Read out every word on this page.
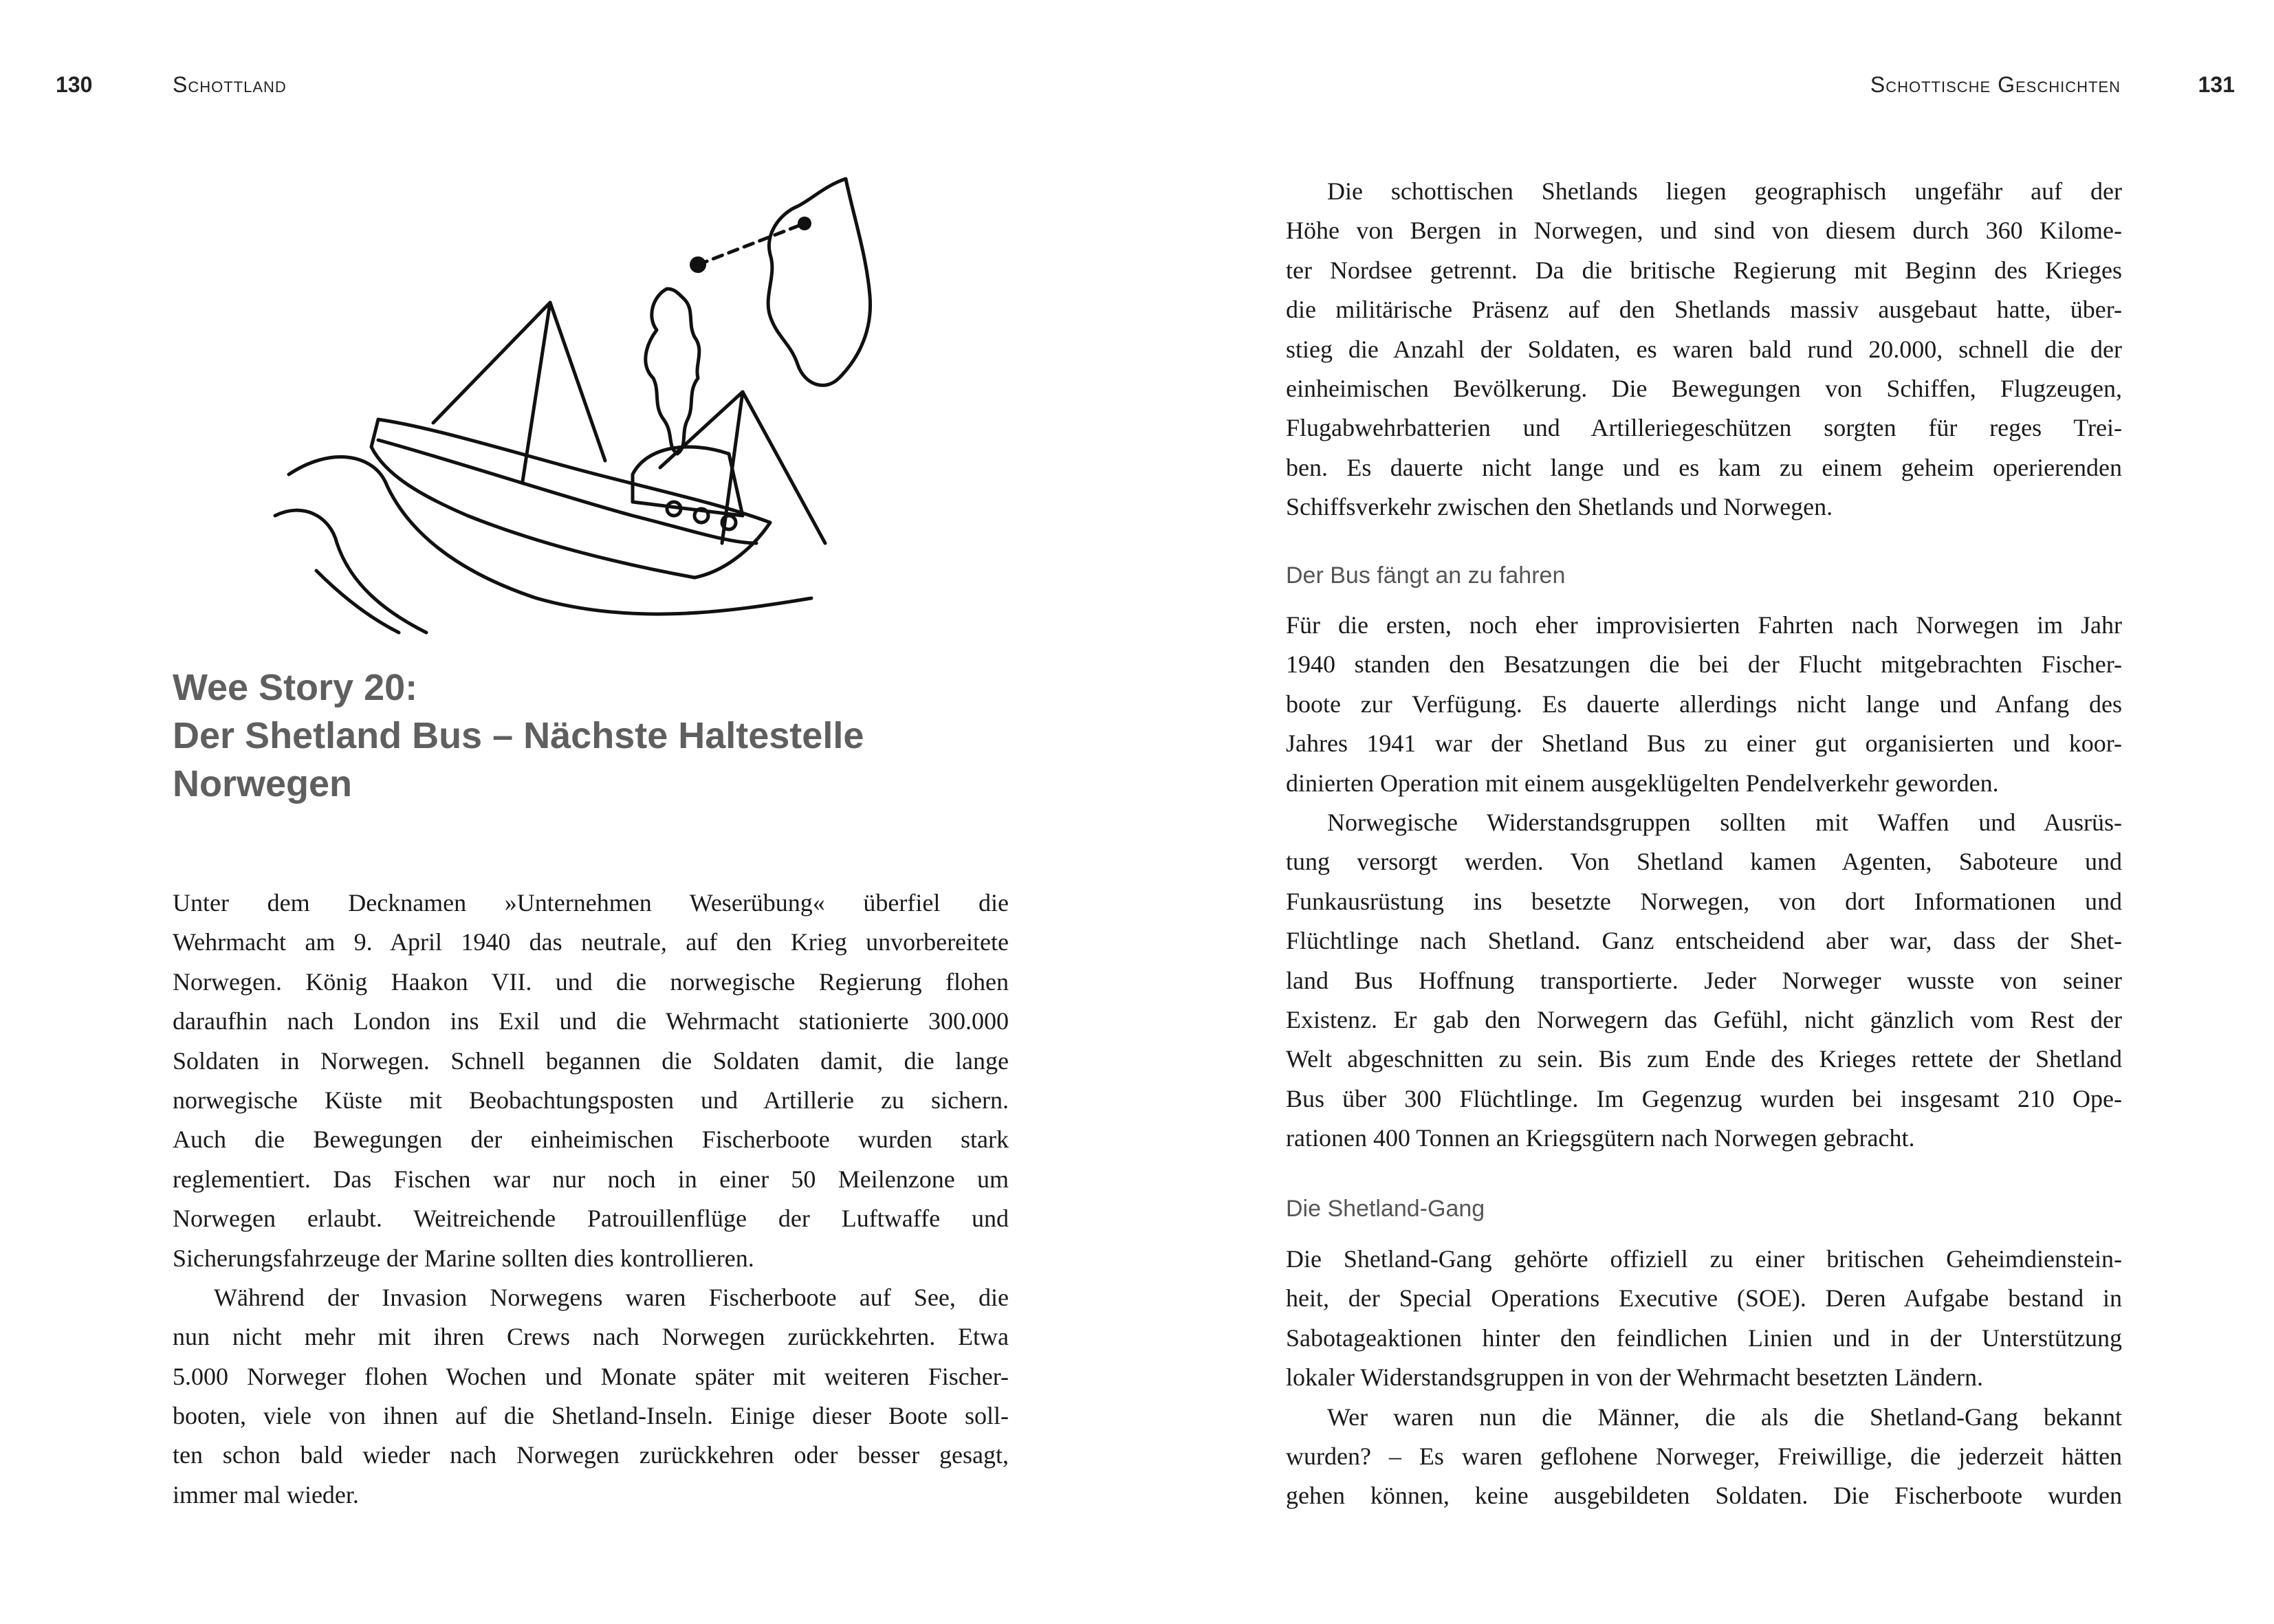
130	Schottland	Schottische Geschichten	131
Wee Story 20:
Der Shetland Bus – Nächste Haltestelle
Norwegen
Unter dem Decknamen »Unternehmen Weserübung« überfiel die
Wehrmacht am 9. April 1940 das neutrale, auf den Krieg unvorbereitete
Norwegen. König Haakon VII. und die norwegische Regierung flohen
daraufhin nach London ins Exil und die Wehrmacht stationierte 300.000
Soldaten in Norwegen. Schnell begannen die Soldaten damit, die lange
norwegische Küste mit Beobachtungsposten und Artillerie zu sichern.
Auch die Bewegungen der einheimischen Fischerboote wurden stark
reglementiert. Das Fischen war nur noch in einer 50 Meilenzone um
Norwegen erlaubt. Weitreichende Patrouillenflüge der Luftwaffe und
Sicherungsfahrzeuge der Marine sollten dies kontrollieren.
Während der Invasion Norwegens waren Fischerboote auf See, die
nun nicht mehr mit ihren Crews nach Norwegen zurückkehrten. Etwa
5.000 Norweger flohen Wochen und Monate später mit weiteren Fischer-
booten, viele von ihnen auf die Shetland-Inseln. Einige dieser Boote soll-
ten schon bald wieder nach Norwegen zurückkehren oder besser gesagt,
immer mal wieder.
Die schottischen Shetlands liegen geographisch ungefähr auf der
Höhe von Bergen in Norwegen, und sind von diesem durch 360 Kilome-
ter Nordsee getrennt. Da die britische Regierung mit Beginn des Krieges
die militärische Präsenz auf den Shetlands massiv ausgebaut hatte, über-
stieg die Anzahl der Soldaten, es waren bald rund 20.000, schnell die der
einheimischen Bevölkerung. Die Bewegungen von Schiffen, Flugzeugen,
Flugabwehrbatterien und Artilleriegeschützen sorgten für reges Trei-
ben. Es dauerte nicht lange und es kam zu einem geheim operierenden
Schiffsverkehr zwischen den Shetlands und Norwegen.
Der Bus fängt an zu fahren
Für die ersten, noch eher improvisierten Fahrten nach Norwegen im Jahr
1940 standen den Besatzungen die bei der Flucht mitgebrachten Fischer-
boote zur Verfügung. Es dauerte allerdings nicht lange und Anfang des
Jahres 1941 war der Shetland Bus zu einer gut organisierten und koor-
dinierten Operation mit einem ausgeklügelten Pendelverkehr geworden.
Norwegische Widerstandsgruppen sollten mit Waffen und Ausrüs-
tung versorgt werden. Von Shetland kamen Agenten, Saboteure und
Funkausrüstung ins besetzte Norwegen, von dort Informationen und
Flüchtlinge nach Shetland. Ganz entscheidend aber war, dass der Shet-
land Bus Hoffnung transportierte. Jeder Norweger wusste von seiner
Existenz. Er gab den Norwegern das Gefühl, nicht gänzlich vom Rest der
Welt abgeschnitten zu sein. Bis zum Ende des Krieges rettete der Shetland
Bus über 300 Flüchtlinge. Im Gegenzug wurden bei insgesamt 210 Ope-
rationen 400 Tonnen an Kriegsgütern nach Norwegen gebracht.
Die Shetland-Gang
Die Shetland-Gang gehörte offiziell zu einer britischen Geheimdienstein-
heit, der Special Operations Executive (SOE). Deren Aufgabe bestand in
Sabotageaktionen hinter den feindlichen Linien und in der Unterstützung
lokaler Widerstandsgruppen in von der Wehrmacht besetzten Ländern.
Wer waren nun die Männer, die als die Shetland-Gang bekannt
wurden? – Es waren geflohene Norweger, Freiwillige, die jederzeit hätten
gehen können, keine ausgebildeten Soldaten. Die Fischerboote wurden
